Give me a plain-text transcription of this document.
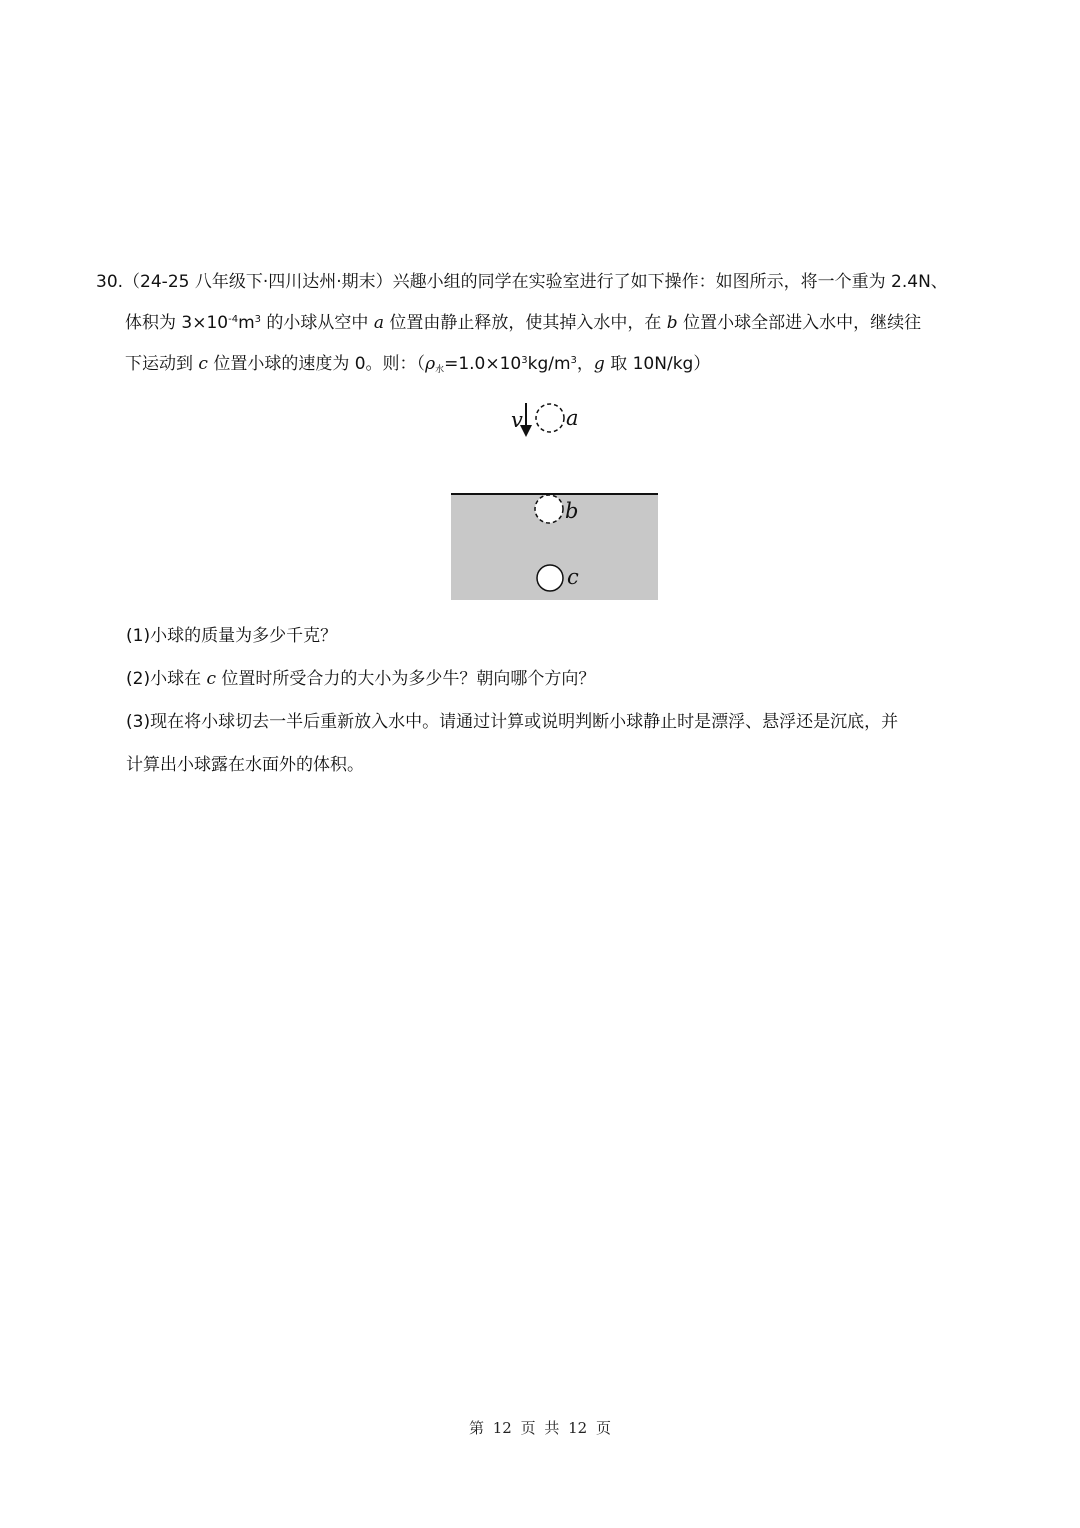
30.（24-25 八年级下·四川达州·期末）兴趣小组的同学在实验室进行了如下操作：如图所示，将一个重为 2.4N、
体积为 $3\times 10^{-4}m^3$ 的小球从空中 a 位置由静止释放，使其掉入水中，在 b 位置小球全部进入水中，继续往
下运动到 c 位置小球的速度为 0。则：（$\rho_水=1.0\times 10^3kg/m^3$，g 取 10N/kg）
v a
b
c
(1)小球的质量为多少千克？
(2)小球在 c 位置时所受合力的大小为多少牛？朝向哪个方向？
(3)现在将小球切去一半后重新放入水中。请通过计算或说明判断小球静止时是漂浮、悬浮还是沉底，并
计算出小球露在水面外的体积。
第 12 页 共 12 页
